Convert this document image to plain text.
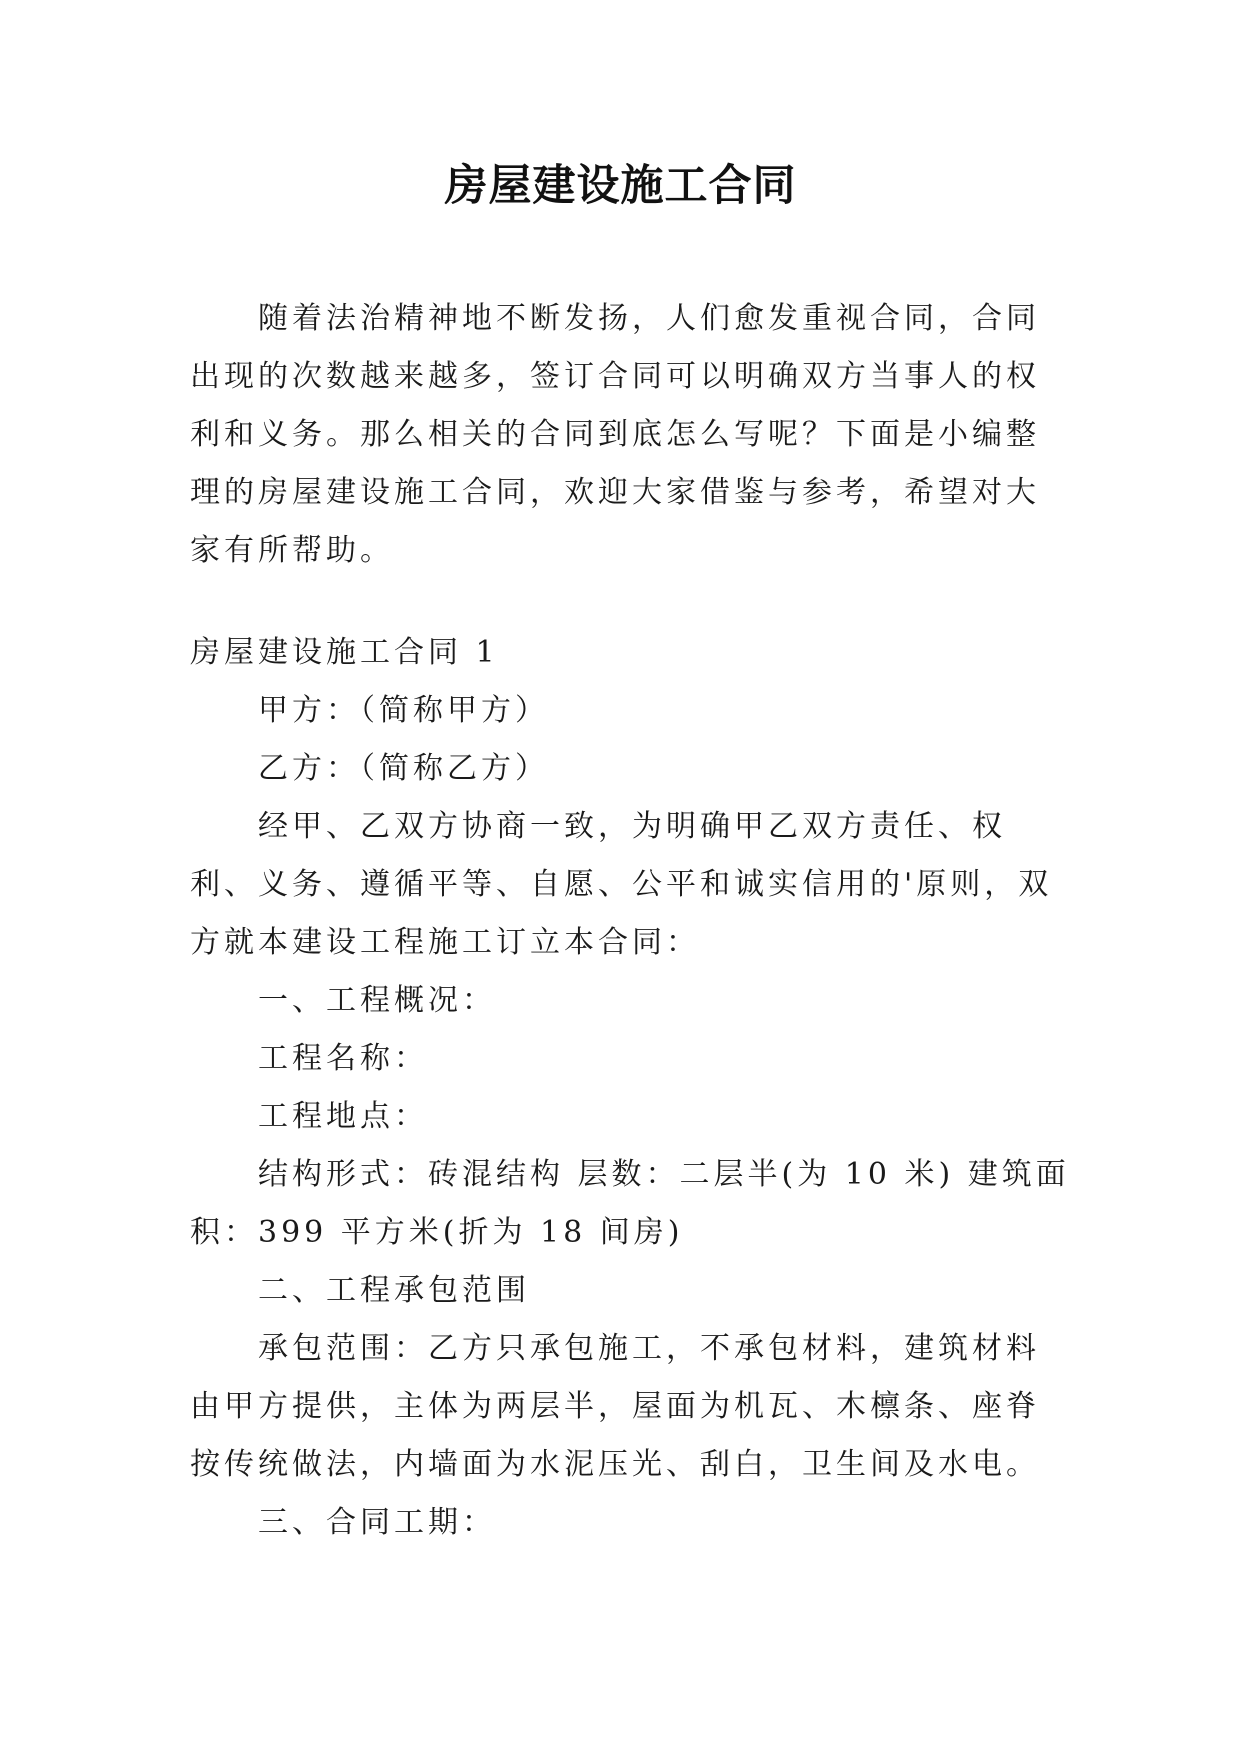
房屋建设施工合同

随着法治精神地不断发扬，人们愈发重视合同，合同出现的次数越来越多，签订合同可以明确双方当事人的权利和义务。那么相关的合同到底怎么写呢？下面是小编整理的房屋建设施工合同，欢迎大家借鉴与参考，希望对大家有所帮助。

房屋建设施工合同 1

甲方：（简称甲方）

乙方：（简称乙方）

经甲、乙双方协商一致，为明确甲乙双方责任、权利、义务、遵循平等、自愿、公平和诚实信用的'原则，双方就本建设工程施工订立本合同：

一、工程概况：

工程名称：

工程地点：

结构形式：砖混结构 层数：二层半(为 10 米) 建筑面积：399 平方米(折为 18 间房)

二、工程承包范围

承包范围：乙方只承包施工，不承包材料，建筑材料由甲方提供，主体为两层半，屋面为机瓦、木檩条、座脊按传统做法，内墙面为水泥压光、刮白，卫生间及水电。

三、合同工期：
